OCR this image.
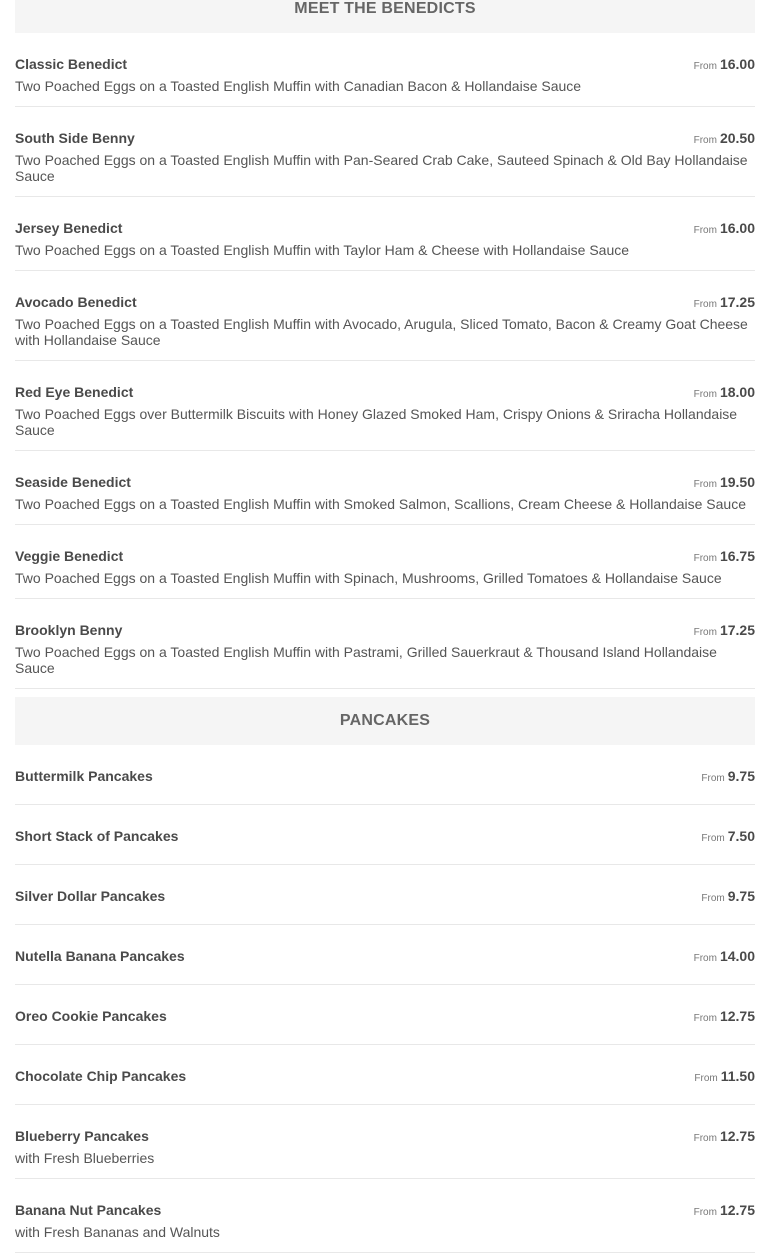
MEET THE BENEDICTS
Classic Benedict	From 16.00
Two Poached Eggs on a Toasted English Muffin with Canadian Bacon & Hollandaise Sauce
South Side Benny	From 20.50
Two Poached Eggs on a Toasted English Muffin with Pan-Seared Crab Cake, Sauteed Spinach & Old Bay Hollandaise Sauce
Jersey Benedict	From 16.00
Two Poached Eggs on a Toasted English Muffin with Taylor Ham & Cheese with Hollandaise Sauce
Avocado Benedict	From 17.25
Two Poached Eggs on a Toasted English Muffin with Avocado, Arugula, Sliced Tomato, Bacon & Creamy Goat Cheese with Hollandaise Sauce
Red Eye Benedict	From 18.00
Two Poached Eggs over Buttermilk Biscuits with Honey Glazed Smoked Ham, Crispy Onions & Sriracha Hollandaise Sauce
Seaside Benedict	From 19.50
Two Poached Eggs on a Toasted English Muffin with Smoked Salmon, Scallions, Cream Cheese & Hollandaise Sauce
Veggie Benedict	From 16.75
Two Poached Eggs on a Toasted English Muffin with Spinach, Mushrooms, Grilled Tomatoes & Hollandaise Sauce
Brooklyn Benny	From 17.25
Two Poached Eggs on a Toasted English Muffin with Pastrami, Grilled Sauerkraut & Thousand Island Hollandaise Sauce
PANCAKES
Buttermilk Pancakes	From 9.75
Short Stack of Pancakes	From 7.50
Silver Dollar Pancakes	From 9.75
Nutella Banana Pancakes	From 14.00
Oreo Cookie Pancakes	From 12.75
Chocolate Chip Pancakes	From 11.50
Blueberry Pancakes	From 12.75
with Fresh Blueberries
Banana Nut Pancakes	From 12.75
with Fresh Bananas and Walnuts
